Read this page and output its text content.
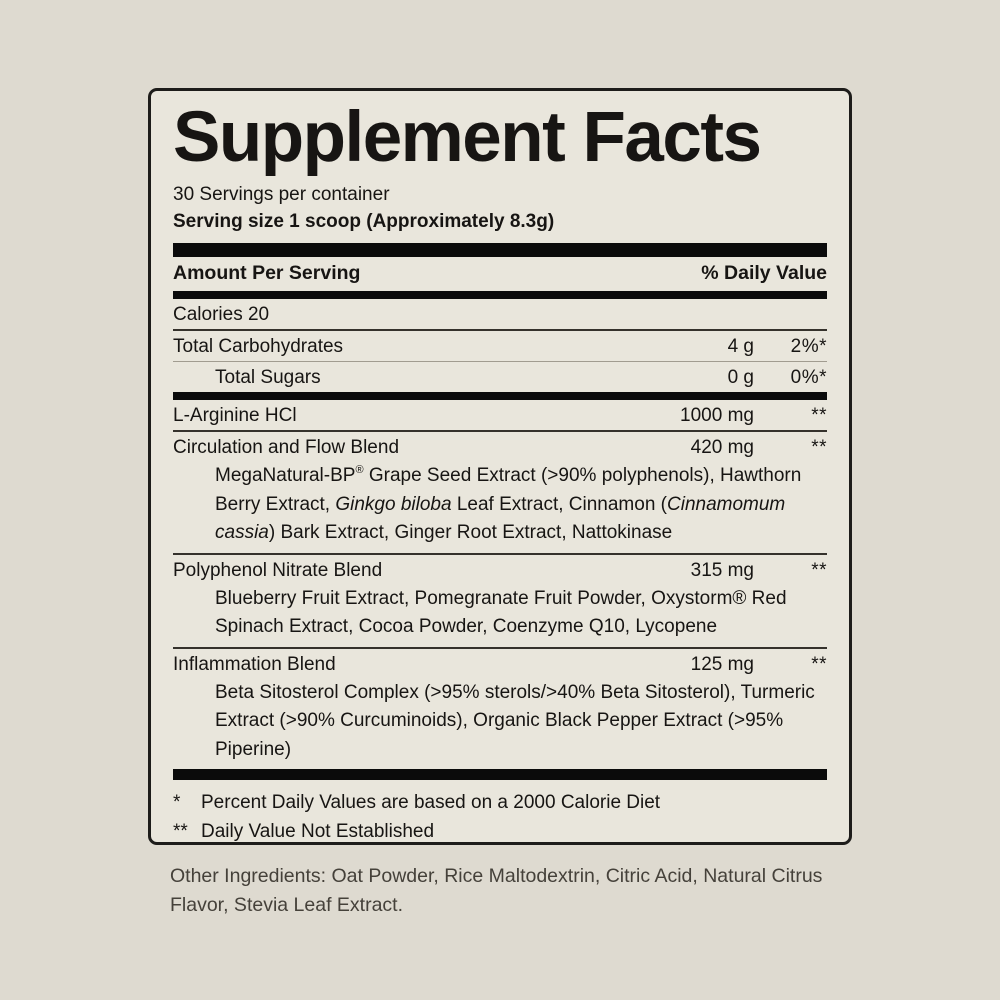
Supplement Facts
30 Servings per container
Serving size 1 scoop (Approximately 8.3g)
Amount Per Serving	% Daily Value
Calories 20
Total Carbohydrates	4 g	2%*
Total Sugars	0 g	0%*
L-Arginine HCl	1000 mg	**
Circulation and Flow Blend	420 mg	**
MegaNatural-BP® Grape Seed Extract (>90% polyphenols), Hawthorn Berry Extract, Ginkgo biloba Leaf Extract, Cinnamon (Cinnamomum cassia) Bark Extract, Ginger Root Extract, Nattokinase
Polyphenol Nitrate Blend	315 mg	**
Blueberry Fruit Extract, Pomegranate Fruit Powder, Oxystorm® Red Spinach Extract, Cocoa Powder, Coenzyme Q10, Lycopene
Inflammation Blend	125 mg	**
Beta Sitosterol Complex (>95% sterols/>40% Beta Sitosterol), Turmeric Extract (>90% Curcuminoids), Organic Black Pepper Extract (>95% Piperine)
*	Percent Daily Values are based on a 2000 Calorie Diet
** Daily Value Not Established
Other Ingredients: Oat Powder, Rice Maltodextrin, Citric Acid, Natural Citrus Flavor, Stevia Leaf Extract.
